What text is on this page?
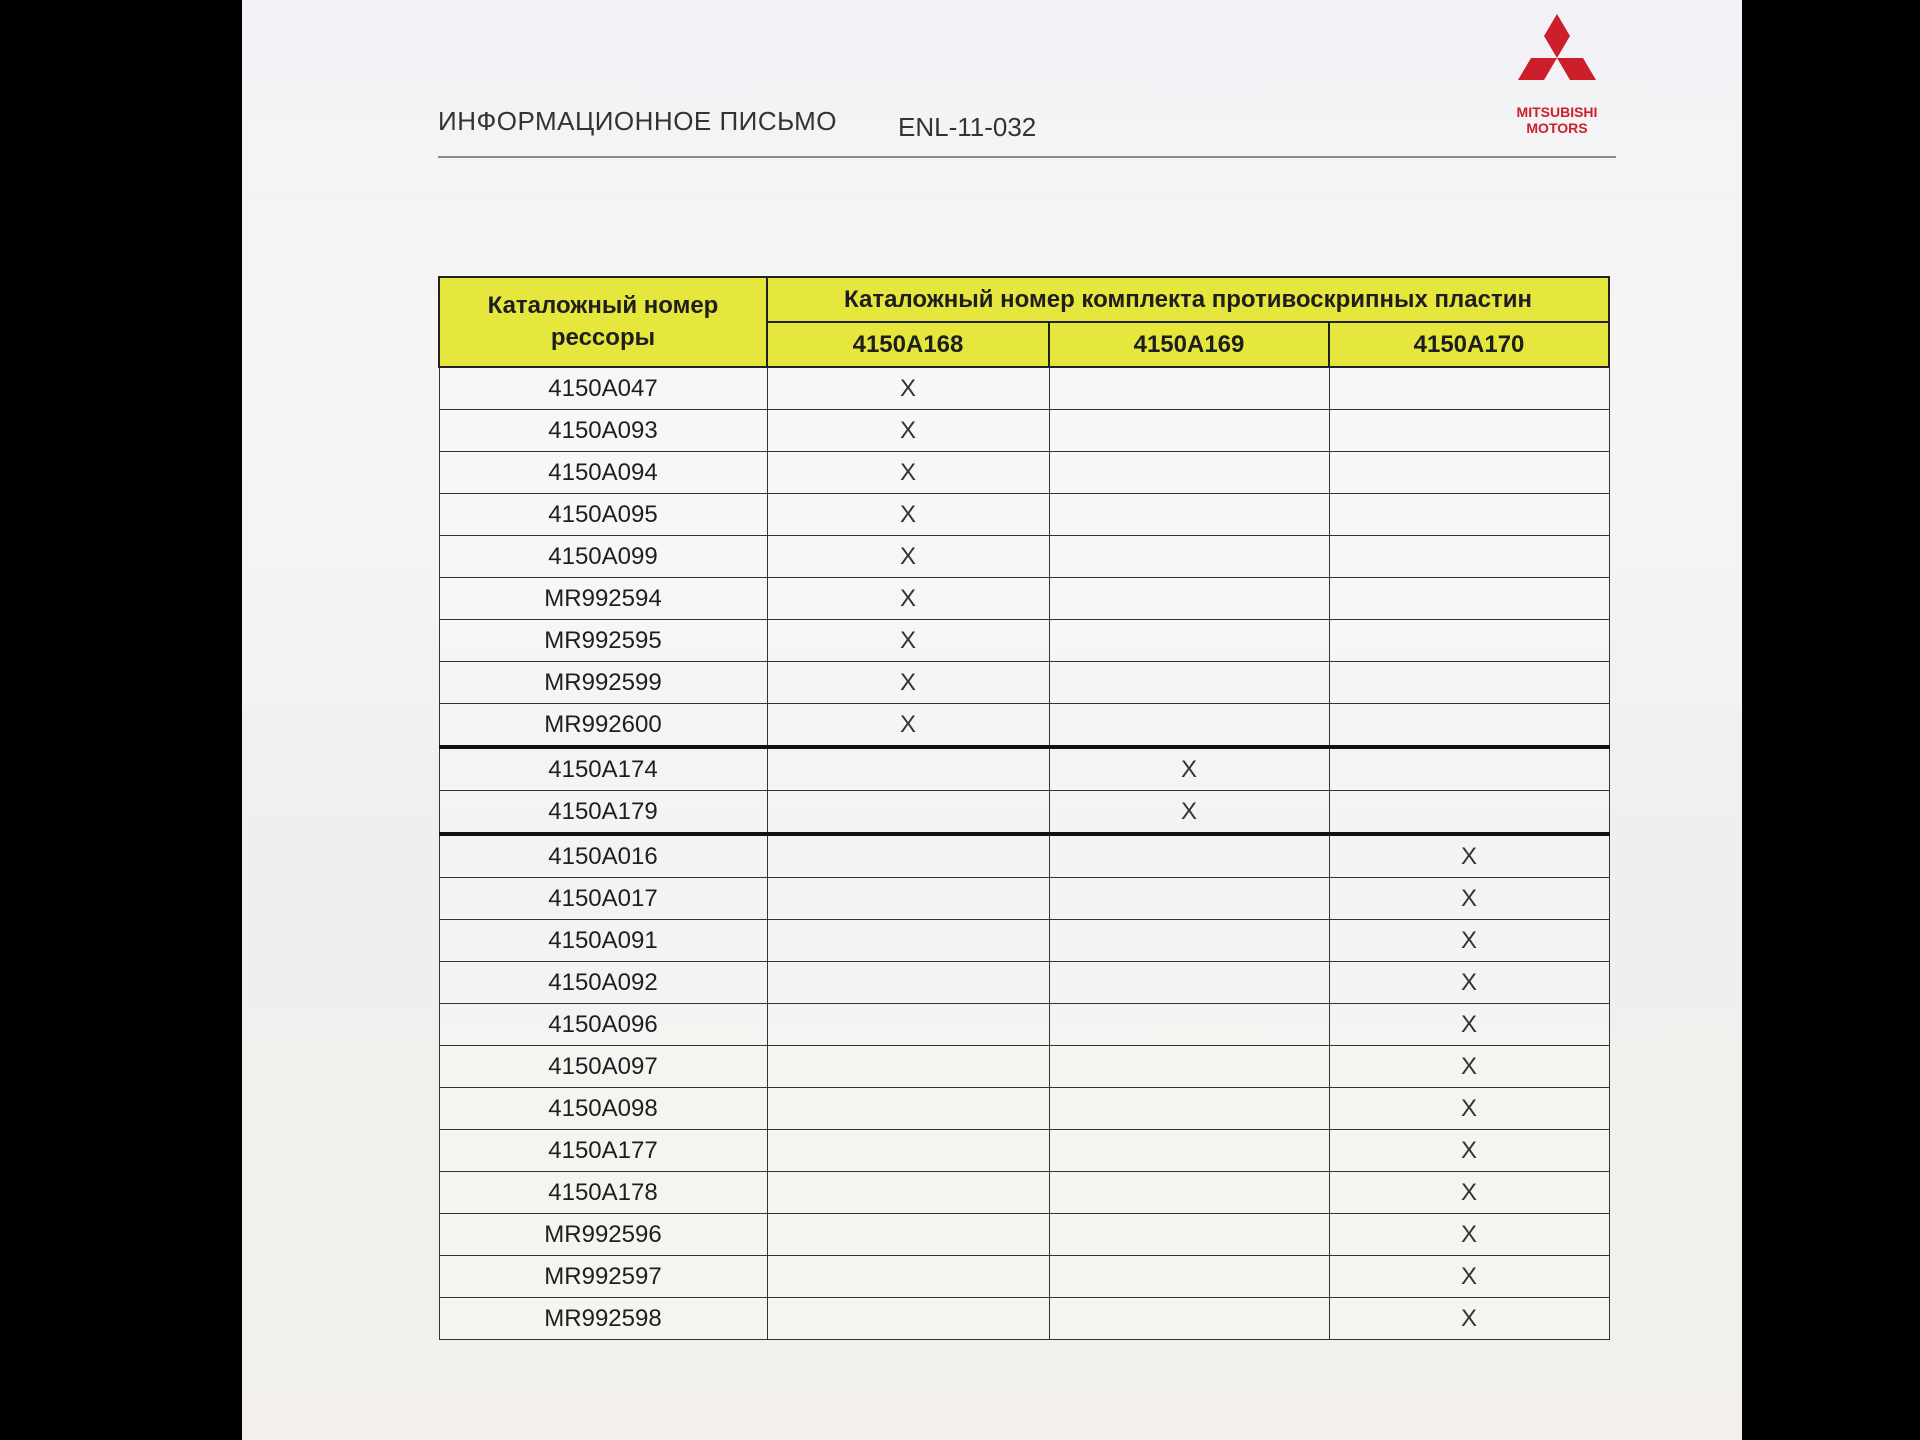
ИНФОРМАЦИОННОЕ ПИСЬМО ENL-11-032	MITSUBISHI
MOTORS
Каталожный номер
рессоры	Каталожный номер комплекта противоскрипных пластин		
	4150A168	4150A169	4150A170
4150A047	X		
4150A093	X		
4150A094	X		
4150A095	X		
4150A099	X		
MR992594	X		
MR992595	X		
MR992599	X		
MR992600	X		
4150A174		X	
4150A179		X	
4150A016			X
4150A017			X
4150A091			X
4150A092			X
4150A096			X
4150A097			X
4150A098			X
4150A177			X
4150A178			X
MR992596			X
MR992597			X
MR992598			X
